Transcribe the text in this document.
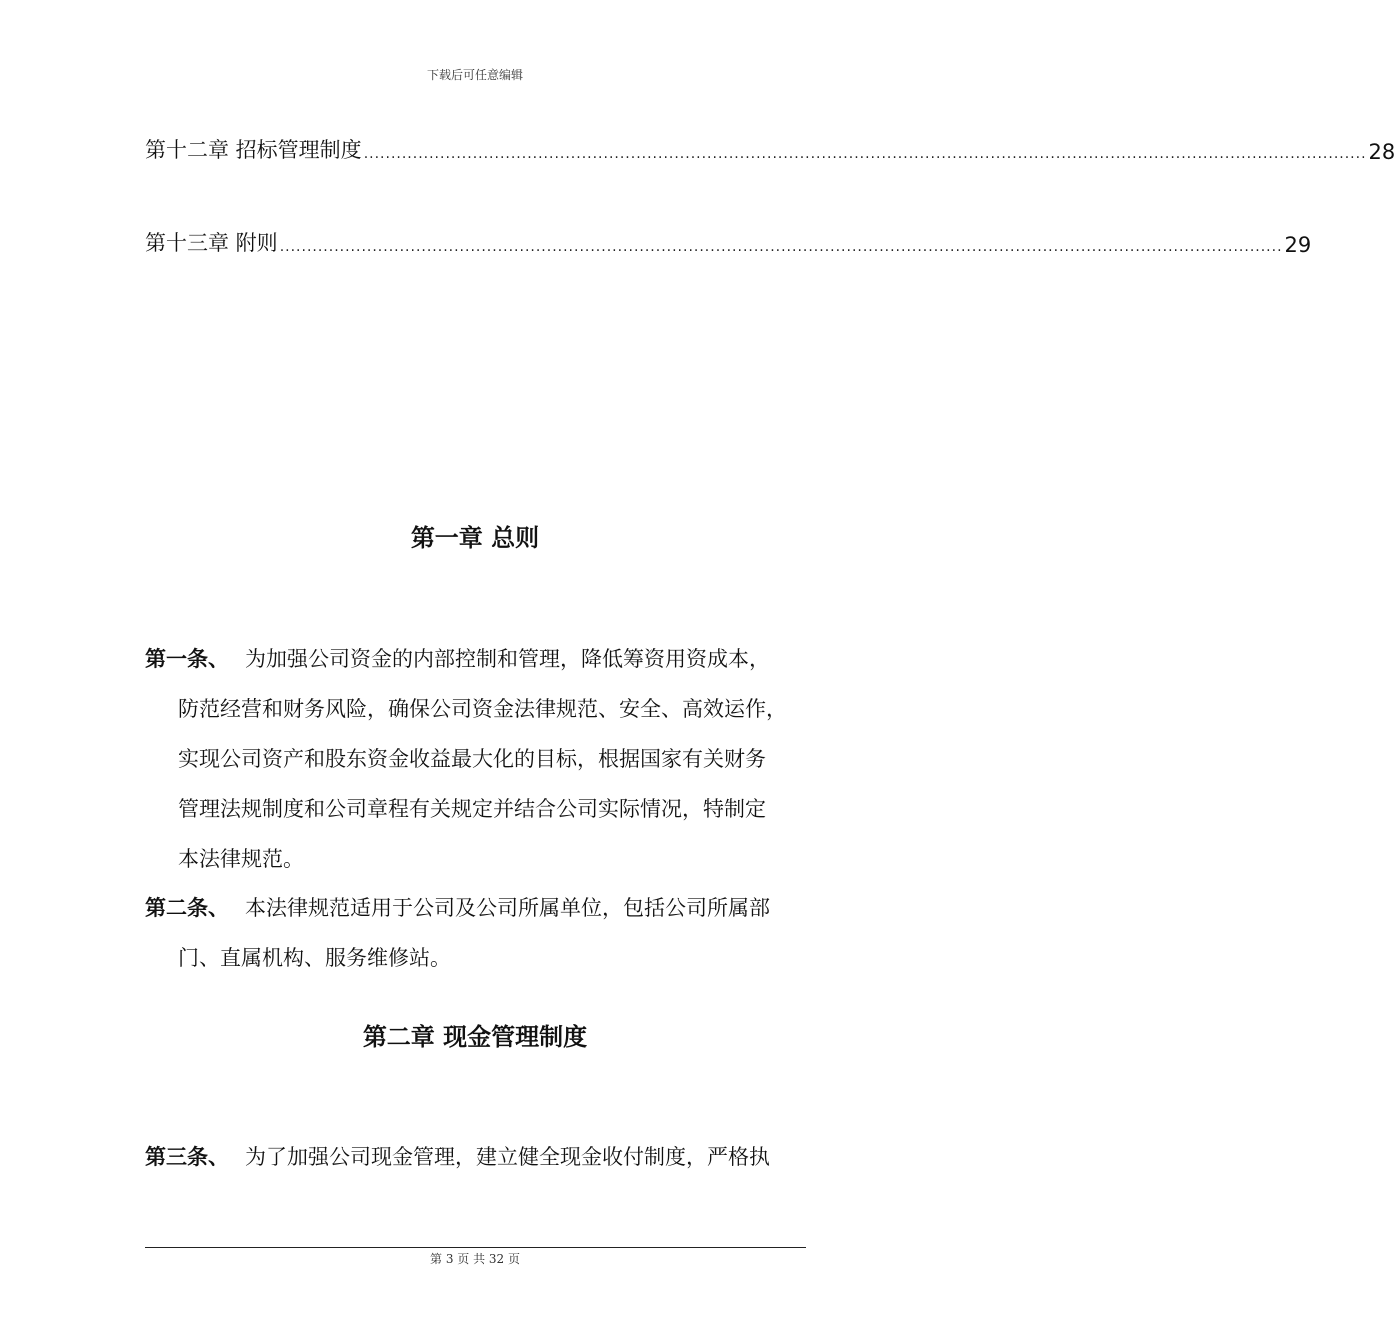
下载后可任意编辑
第十二章 招标管理制度 ........................................................................................................................................................................................ 28
第十三章 附则 ........................................................................................................................................................................................ 29
第一章 总则
第一条、 为加强公司资金的内部控制和管理，降低筹资用资成本，
防范经营和财务风险，确保公司资金法律规范、安全、高效运作，
实现公司资产和股东资金收益最大化的目标，根据国家有关财务
管理法规制度和公司章程有关规定并结合公司实际情况，特制定
本法律规范。
第二条、 本法律规范适用于公司及公司所属单位，包括公司所属部
门、直属机构、服务维修站。
第二章 现金管理制度
第三条、 为了加强公司现金管理，建立健全现金收付制度，严格执
第 3 页 共 32 页
